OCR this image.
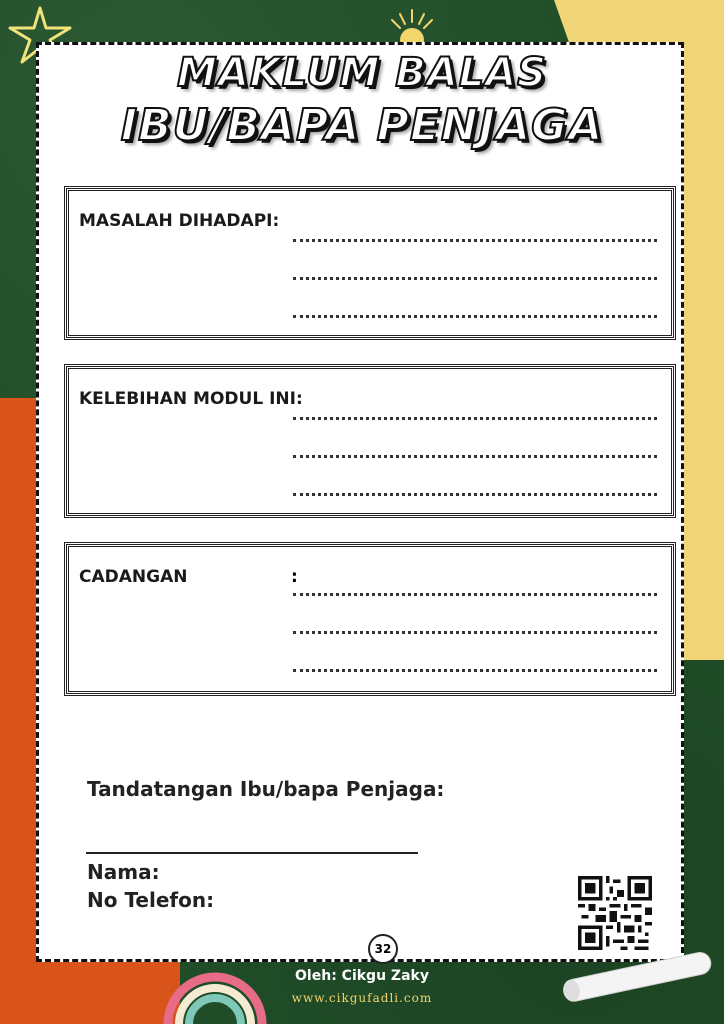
MAKLUM BALAS
IBU/BAPA PENJAGA
MASALAH DIHADAPI:
KELEBIHAN MODUL INI:
CADANGAN	:
Tandatangan Ibu/bapa Penjaga:
Nama:
No Telefon:
32
Oleh: Cikgu Zaky
www.cikgufadli.com
